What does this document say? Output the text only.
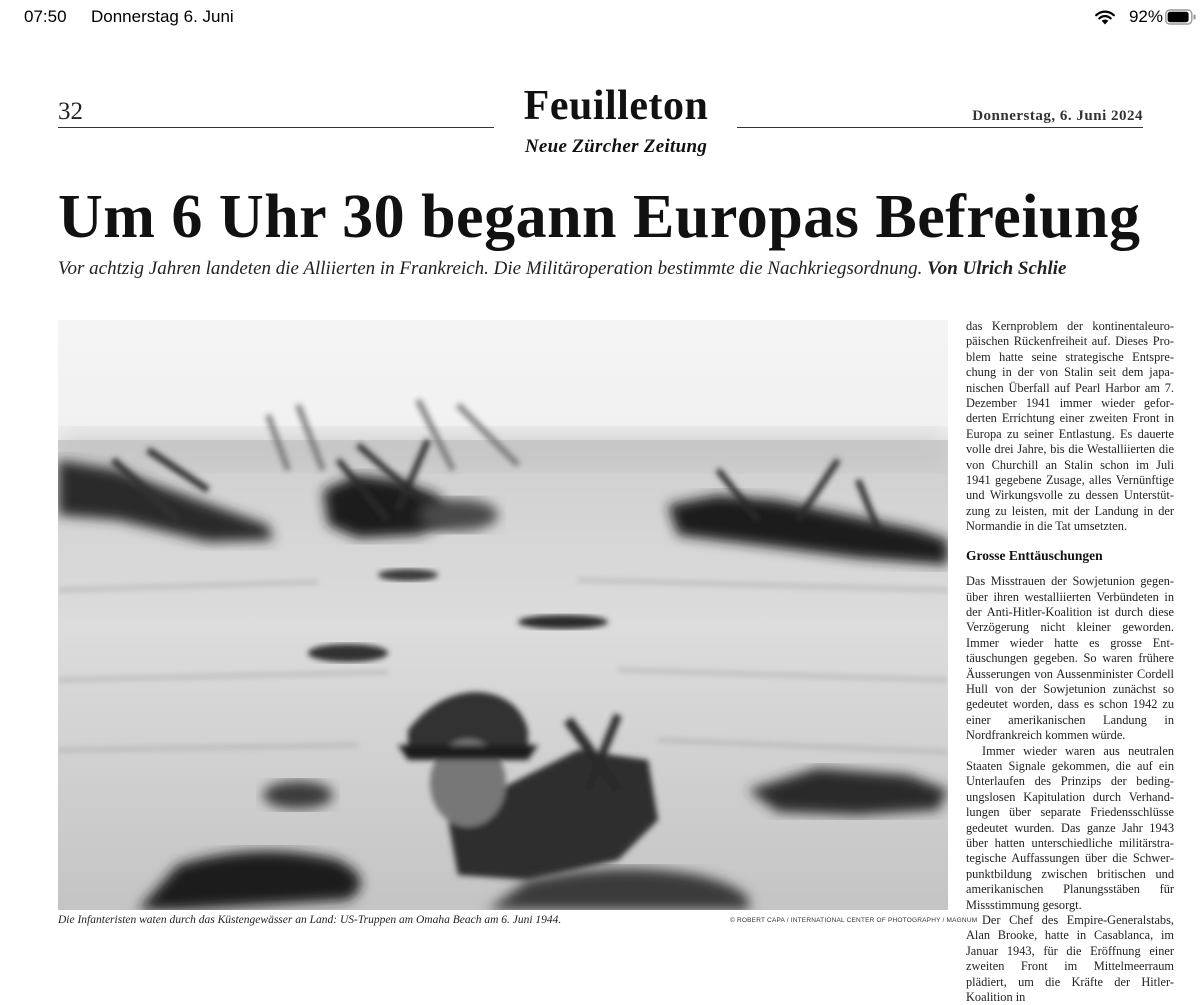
07:50 Donnerstag 6. Juni	92%
32	Feuilleton
Neue Zürcher Zeitung
Donnerstag, 6. Juni 2024
Um 6 Uhr 30 begann Europas Befreiung
Vor achtzig Jahren landeten die Alliierten in Frankreich. Die Militäroperation bestimmte die Nachkriegsordnung. Von Ulrich Schlie
Die Infanteristen waten durch das Küstengewässer an Land: US-Truppen am Omaha Beach am 6. Juni 1944.	© ROBERT CAPA / INTERNATIONAL CENTER OF PHOTOGRAPHY / MAGNUM

das Kernproblem der kontinentaleuropäischen Rückenfreiheit auf. Dieses Problem hatte seine strategische Entsprechung in der von Stalin seit dem japanischen Überfall auf Pearl Harbor am 7. Dezember 1941 immer wieder geforderten Errichtung einer zweiten Front in Europa zu seiner Entlastung. Es dauerte volle drei Jahre, bis die Westalliierten die von Churchill an Stalin schon im Juli 1941 gegebene Zusage, alles Vernünftige und Wirkungsvolle zu dessen Unterstützung zu leisten, mit der Landung in der Normandie in die Tat umsetzten.

Grosse Enttäuschungen

Das Misstrauen der Sowjetunion gegenüber ihren westalliierten Verbündeten in der Anti-Hitler-Koalition ist durch diese Verzögerung nicht kleiner geworden. Immer wieder hatte es grosse Enttäuschungen gegeben. So waren frühere Äusserungen von Aussenminister Cordell Hull von der Sowjetunion zunächst so gedeutet worden, dass es schon 1942 zu einer amerikanischen Landung in Nordfrankreich kommen würde.

Immer wieder waren aus neutralen Staaten Signale gekommen, die auf ein Unterlaufen des Prinzips der bedingungslosen Kapitulation durch Verhandlungen über separate Friedensschlüsse gedeutet wurden. Das ganze Jahr 1943 über hatten unterschiedliche militärstrategische Auffassungen über die Schwerpunktbildung zwischen britischen und amerikanischen Planungsstäben für Missstimmung gesorgt.

Der Chef des Empire-Generalstabs, Alan Brooke, hatte in Casablanca, im Januar 1943, für die Eröffnung einer zweiten Front im Mittelmeerraum plädiert, um die Kräfte der Hitler-Koalition in
